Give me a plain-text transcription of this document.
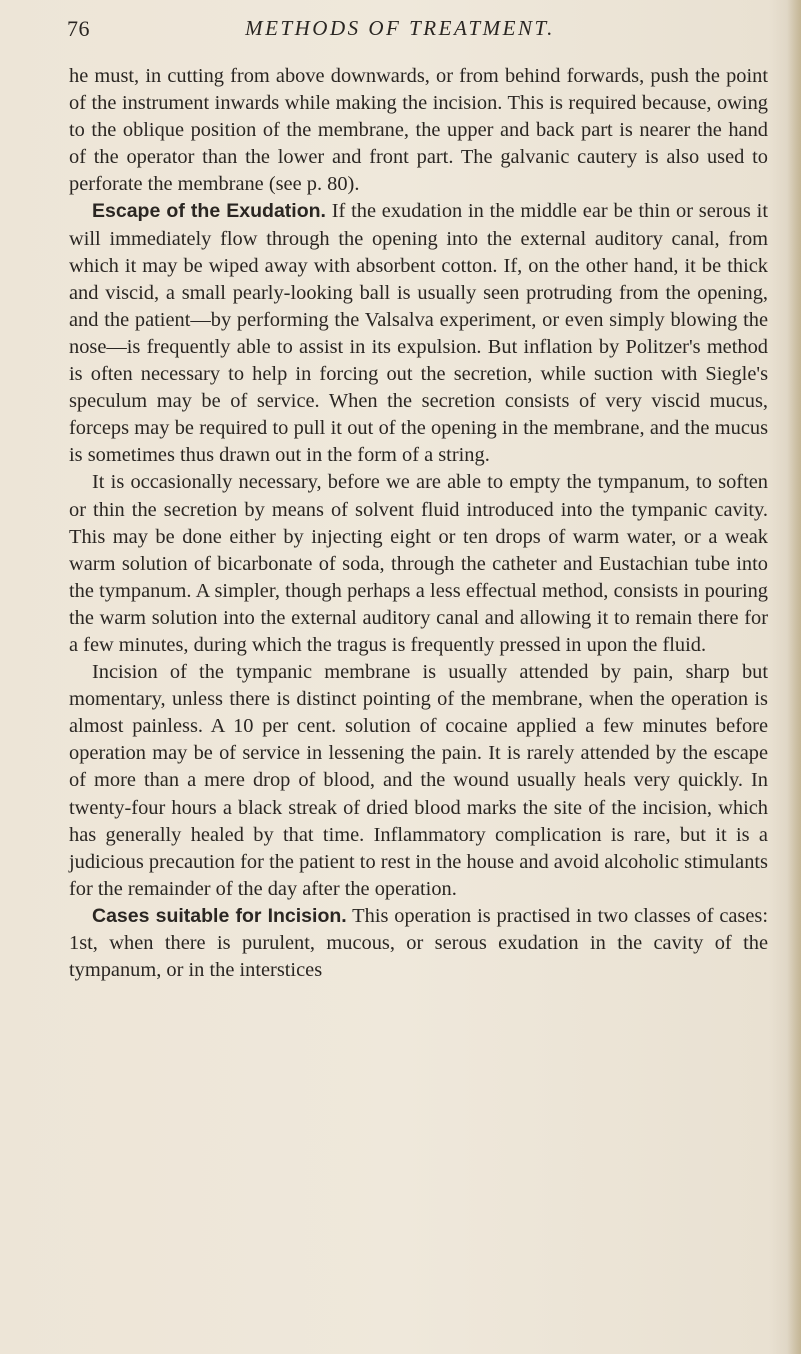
76	METHODS OF TREATMENT.

he must, in cutting from above downwards, or from behind forwards, push the point of the instrument inwards while making the incision. This is required because, owing to the oblique position of the membrane, the upper and back part is nearer the hand of the operator than the lower and front part. The galvanic cautery is also used to perforate the membrane (see p. 80).

Escape of the Exudation. If the exudation in the middle ear be thin or serous it will immediately flow through the opening into the external auditory canal, from which it may be wiped away with absorbent cotton. If, on the other hand, it be thick and viscid, a small pearly-looking ball is usually seen protruding from the opening, and the patient—by performing the Valsalva experiment, or even simply blowing the nose—is frequently able to assist in its expulsion. But inflation by Politzer's method is often necessary to help in forcing out the secretion, while suction with Siegle's speculum may be of service. When the secretion consists of very viscid mucus, forceps may be required to pull it out of the opening in the membrane, and the mucus is sometimes thus drawn out in the form of a string.

It is occasionally necessary, before we are able to empty the tympanum, to soften or thin the secretion by means of solvent fluid introduced into the tympanic cavity. This may be done either by injecting eight or ten drops of warm water, or a weak warm solution of bicarbonate of soda, through the catheter and Eustachian tube into the tympanum. A simpler, though perhaps a less effectual method, consists in pouring the warm solution into the external auditory canal and allowing it to remain there for a few minutes, during which the tragus is frequently pressed in upon the fluid.

Incision of the tympanic membrane is usually attended by pain, sharp but momentary, unless there is distinct pointing of the membrane, when the operation is almost painless. A 10 per cent. solution of cocaine applied a few minutes before operation may be of service in lessening the pain. It is rarely attended by the escape of more than a mere drop of blood, and the wound usually heals very quickly. In twenty-four hours a black streak of dried blood marks the site of the incision, which has generally healed by that time. Inflammatory complication is rare, but it is a judicious precaution for the patient to rest in the house and avoid alcoholic stimulants for the remainder of the day after the operation.

Cases suitable for Incision. This operation is practised in two classes of cases: 1st, when there is purulent, mucous, or serous exudation in the cavity of the tympanum, or in the interstices
